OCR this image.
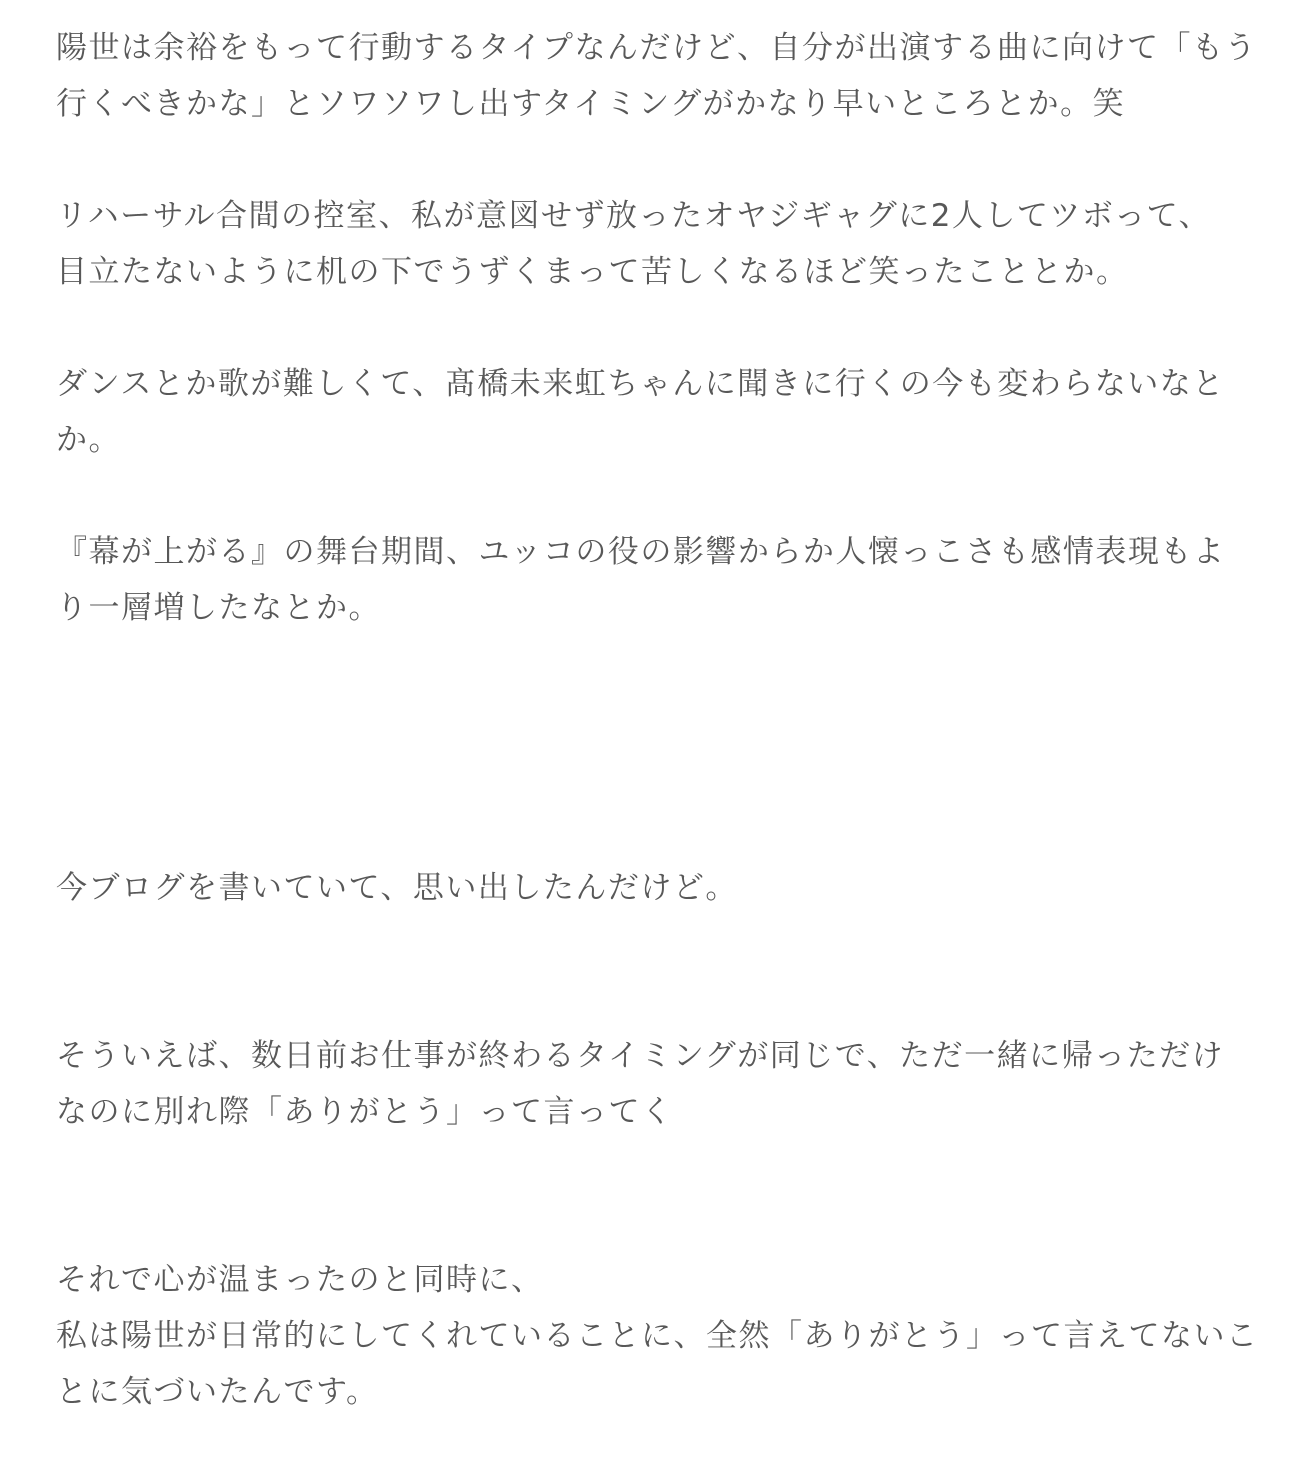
陽世は余裕をもって行動するタイプなんだけど、自分が出演する曲に向けて「もう
行くべきかな」とソワソワし出すタイミングがかなり早いところとか。笑
リハーサル合間の控室、私が意図せず放ったオヤジギャグに2人してツボって、
目立たないように机の下でうずくまって苦しくなるほど笑ったこととか。
ダンスとか歌が難しくて、髙橋未来虹ちゃんに聞きに行くの今も変わらないなと
か。
『幕が上がる』の舞台期間、ユッコの役の影響からか人懐っこさも感情表現もよ
り一層増したなとか。
今ブログを書いていて、思い出したんだけど。
そういえば、数日前お仕事が終わるタイミングが同じで、ただ一緒に帰っただけ
なのに別れ際「ありがとう」って言ってく
それで心が温まったのと同時に、
私は陽世が日常的にしてくれていることに、全然「ありがとう」って言えてないこ
とに気づいたんです。
